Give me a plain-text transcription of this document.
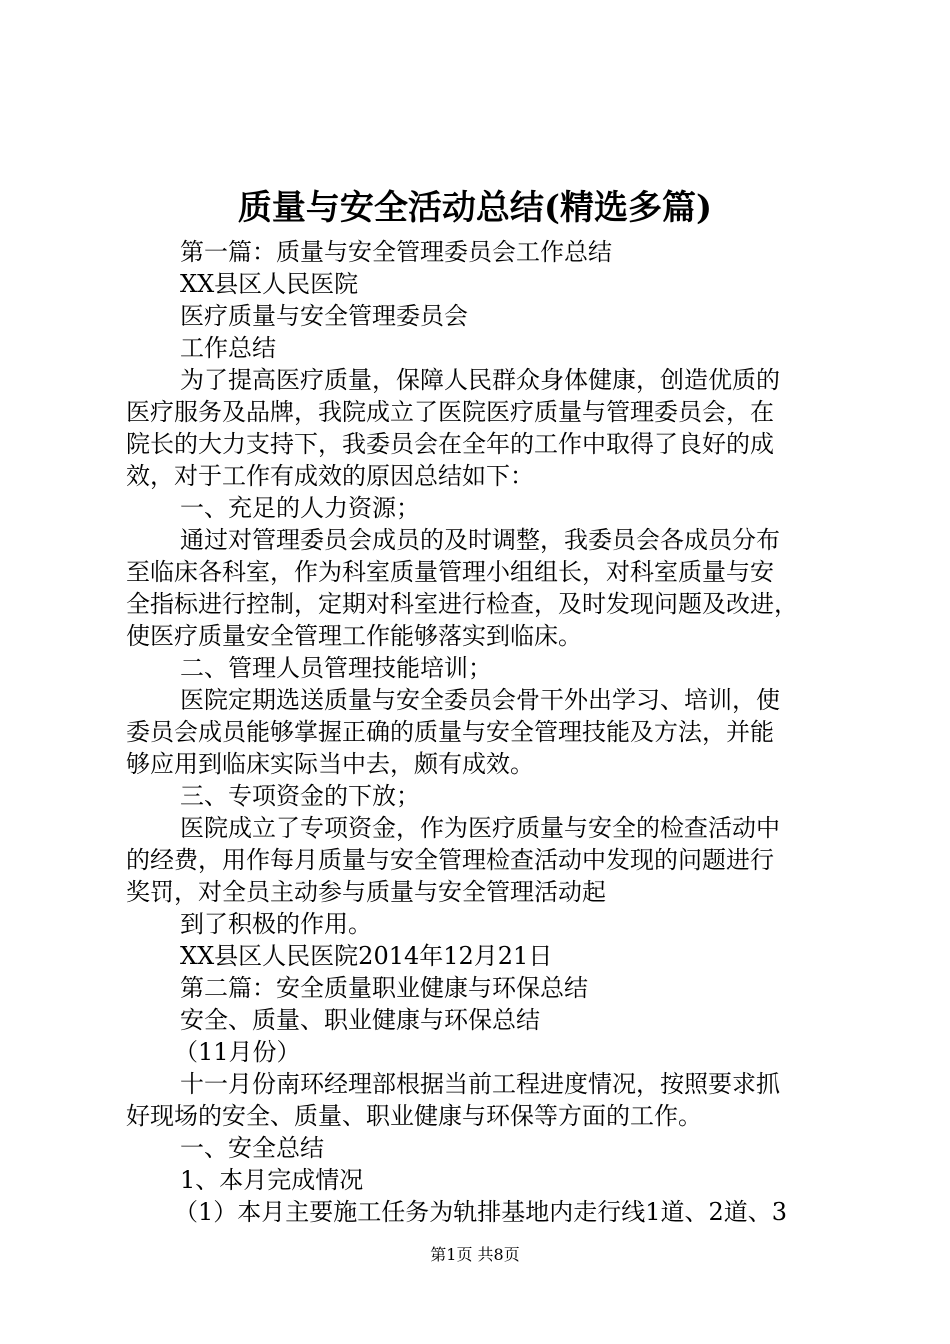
质量与安全活动总结(精选多篇)
第一篇：质量与安全管理委员会工作总结
XX县区人民医院
医疗质量与安全管理委员会
工作总结
为了提高医疗质量，保障人民群众身体健康，创造优质的
医疗服务及品牌，我院成立了医院医疗质量与管理委员会，在
院长的大力支持下，我委员会在全年的工作中取得了良好的成
效，对于工作有成效的原因总结如下：
一、充足的人力资源；
通过对管理委员会成员的及时调整，我委员会各成员分布
至临床各科室，作为科室质量管理小组组长，对科室质量与安
全指标进行控制，定期对科室进行检查，及时发现问题及改进，
使医疗质量安全管理工作能够落实到临床。
二、管理人员管理技能培训；
医院定期选送质量与安全委员会骨干外出学习、培训，使
委员会成员能够掌握正确的质量与安全管理技能及方法，并能
够应用到临床实际当中去，颇有成效。
三、专项资金的下放；
医院成立了专项资金，作为医疗质量与安全的检查活动中
的经费，用作每月质量与安全管理检查活动中发现的问题进行
奖罚，对全员主动参与质量与安全管理活动起
到了积极的作用。
XX县区人民医院2014年12月21日
第二篇：安全质量职业健康与环保总结
安全、质量、职业健康与环保总结
（11月份）
十一月份南环经理部根据当前工程进度情况，按照要求抓
好现场的安全、质量、职业健康与环保等方面的工作。
一、安全总结
1、本月完成情况
（1）本月主要施工任务为轨排基地内走行线1道、2道、3
第1页 共8页
